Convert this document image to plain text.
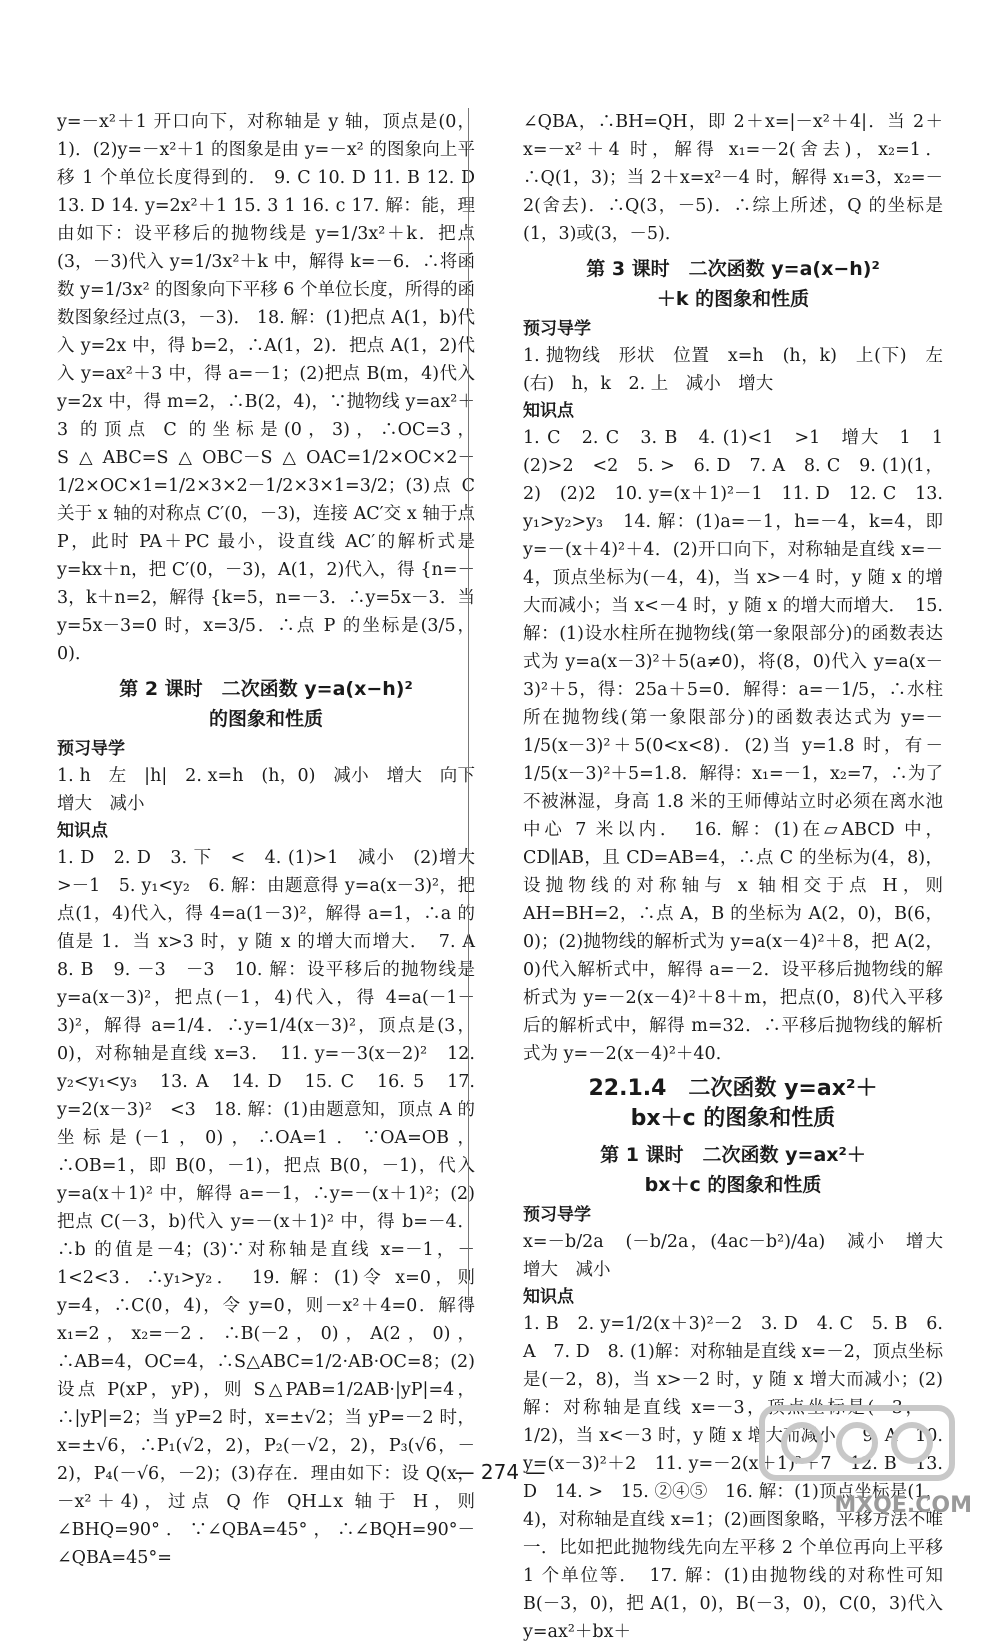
y=－x²＋1 开口向下，对称轴是 y 轴，顶点是(0，1)．(2)y=－x²＋1 的图象是由 y=－x² 的图象向上平移 1 个单位长度得到的． 9. C 10. D 11. B 12. D 13. D 14. y=2x²＋1 15. 3 1 16. c 17. 解：能，理由如下：设平移后的抛物线是 y=1/3x²＋k．把点(3，－3)代入 y=1/3x²＋k 中，解得 k=－6．∴将函数 y=1/3x² 的图象向下平移 6 个单位长度，所得的函数图象经过点(3，－3)． 18. 解：(1)把点 A(1，b)代入 y=2x 中，得 b=2，∴A(1，2)．把点 A(1，2)代入 y=ax²＋3 中，得 a=－1；(2)把点 B(m，4)代入 y=2x 中，得 m=2，∴B(2，4)，∵抛物线 y=ax²＋3 的顶点 C 的坐标是(0，3)，∴OC=3，S△ABC=S△OBC－S△OAC=1/2×OC×2－1/2×OC×1=1/2×3×2－1/2×3×1=3/2；(3)点 C 关于 x 轴的对称点 C′(0，－3)，连接 AC′交 x 轴于点 P，此时 PA＋PC 最小，设直线 AC′的解析式是 y=kx＋n，把 C′(0，－3)，A(1，2)代入，得 {n=－3，k＋n=2，解得 {k=5，n=－3．∴y=5x－3．当 y=5x－3=0 时，x=3/5．∴点 P 的坐标是(3/5，0)．

第 2 课时　二次函数 y=a(x−h)²
的图象和性质
预习导学

1. h　左　|h|　2. x=h　(h，0)　减小　增大　向下　增大　减小

知识点

1. D　2. D　3. 下　<　4. (1)>1　减小　(2)增大　>－1　5. y₁<y₂　6. 解：由题意得 y=a(x－3)²，把点(1，4)代入，得 4=a(1－3)²，解得 a=1，∴a 的值是 1．当 x>3 时，y 随 x 的增大而增大．　7. A　8. B　9. －3　－3　10. 解：设平移后的抛物线是 y=a(x－3)²，把点(－1，4)代入，得 4=a(－1－3)²，解得 a=1/4．∴y=1/4(x－3)²，顶点是(3，0)，对称轴是直线 x=3．　11. y=－3(x－2)²　12. y₂<y₁<y₃　13. A　14. D　15. C　16. 5　17. y=2(x－3)²　<3　18. 解：(1)由题意知，顶点 A 的坐标是(－1，0)，∴OA=1．∵OA=OB，∴OB=1，即 B(0，－1)，把点 B(0，－1)，代入 y=a(x＋1)² 中，解得 a=－1，∴y=－(x＋1)²；(2)把点 C(－3，b)代入 y=－(x＋1)² 中，得 b=－4．∴b 的值是－4；(3)∵对称轴是直线 x=－1，－1<2<3．∴y₁>y₂．　19. 解：(1)令 x=0，则 y=4，∴C(0，4)，令 y=0，则－x²＋4=0．解得 x₁=2，x₂=－2．∴B(－2，0)，A(2，0)，∴AB=4，OC=4，∴S△ABC=1/2·AB·OC=8；(2)设点 P(xP，yP)，则 S△PAB=1/2AB·|yP|=4，∴|yP|=2；当 yP=2 时，x=±√2；当 yP=－2 时，x=±√6，∴P₁(√2，2)，P₂(－√2，2)，P₃(√6，－2)，P₄(－√6，－2)；(3)存在．理由如下：设 Q(x，－x²＋4)，过点 Q 作 QH⊥x 轴于 H，则∠BHQ=90°．∵∠QBA=45°，∴∠BQH=90°－∠QBA=45°=

∠QBA，∴BH=QH，即 2＋x=|－x²＋4|．当 2＋x=－x²＋4 时，解得 x₁=－2(舍去)，x₂=1．∴Q(1，3)；当 2＋x=x²－4 时，解得 x₁=3，x₂=－2(舍去)．∴Q(3，－5)．∴综上所述，Q 的坐标是(1，3)或(3，－5)．

第 3 课时　二次函数 y=a(x−h)²
＋k 的图象和性质
预习导学

1. 抛物线　形状　位置　x=h　(h，k)　上(下)　左(右)　h，k　2. 上　减小　增大

知识点

1. C　2. C　3. B　4. (1)<1　>1　增大　1　1　(2)>2　<2　5. >　6. D　7. A　8. C　9. (1)(1，2)　(2)2　10. y=(x＋1)²－1　11. D　12. C　13. y₁>y₂>y₃　14. 解：(1)a=－1，h=－4，k=4，即 y=－(x＋4)²＋4．(2)开口向下，对称轴是直线 x=－4，顶点坐标为(－4，4)，当 x>－4 时，y 随 x 的增大而减小；当 x<－4 时，y 随 x 的增大而增大．　15. 解：(1)设水柱所在抛物线(第一象限部分)的函数表达式为 y=a(x－3)²＋5(a≠0)，将(8，0)代入 y=a(x－3)²＋5，得：25a＋5=0．解得：a=－1/5，∴水柱所在抛物线(第一象限部分)的函数表达式为 y=－1/5(x－3)²＋5(0<x<8)．(2)当 y=1.8 时，有－1/5(x－3)²＋5=1.8．解得：x₁=－1，x₂=7，∴为了不被淋湿，身高 1.8 米的王师傅站立时必须在离水池中心 7 米以内．　16. 解：(1)在▱ABCD 中，CD∥AB，且 CD=AB=4，∴点 C 的坐标为(4，8)，设抛物线的对称轴与 x 轴相交于点 H，则 AH=BH=2，∴点 A，B 的坐标为 A(2，0)，B(6，0)；(2)抛物线的解析式为 y=a(x－4)²＋8，把 A(2，0)代入解析式中，解得 a=－2．设平移后抛物线的解析式为 y=－2(x－4)²＋8＋m，把点(0，8)代入平移后的解析式中，解得 m=32．∴平移后抛物线的解析式为 y=－2(x－4)²＋40．

22.1.4　二次函数 y=ax²＋
bx＋c 的图象和性质
第 1 课时　二次函数 y=ax²＋
bx＋c 的图象和性质
预习导学

x=－b/2a　(－b/2a，(4ac－b²)/4a)　减小　增大　增大　减小

知识点

1. B　2. y=1/2(x＋3)²－2　3. D　4. C　5. B　6. A　7. D　8. (1)解：对称轴是直线 x=－2，顶点坐标是(－2，8)，当 x>－2 时，y 随 x 增大而减小；(2)解：对称轴是直线 x=－3，顶点坐标是(－3，－1/2)，当 x<－3 时，y 随 x 增大而减小．　9. A　10. y=(x－3)²＋2　11. y=－2(x＋1)²＋7　12. B　13. D　14. >　15. ②④⑤　16. 解：(1)顶点坐标是(1，4)，对称轴是直线 x=1；(2)画图象略，平移方法不唯一．比如把此抛物线先向左平移 2 个单位再向上平移 1 个单位等．　17. 解：(1)由抛物线的对称性可知 B(－3，0)，把 A(1，0)，B(－3，0)，C(0，3)代入 y=ax²＋bx＋

— 274 —
MXQE.COM
